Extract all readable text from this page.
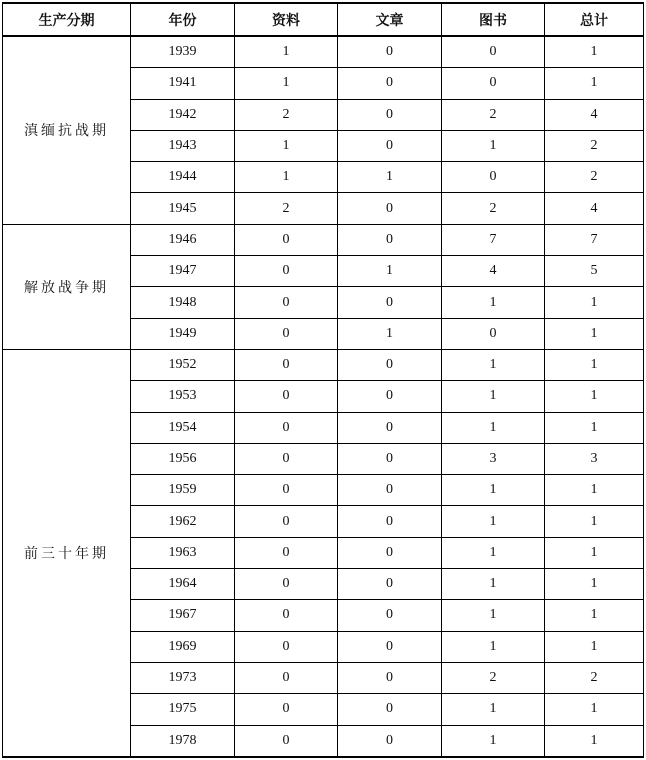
生产分期	年份	资料	文章	图书	总计
滇缅抗战期	1939	1	0	0	1
	1941	1	0	0	1
	1942	2	0	2	4
	1943	1	0	1	2
	1944	1	1	0	2
	1945	2	0	2	4
解放战争期	1946	0	0	7	7
	1947	0	1	4	5
	1948	0	0	1	1
	1949	0	1	0	1
前三十年期	1952	0	0	1	1
	1953	0	0	1	1
	1954	0	0	1	1
	1956	0	0	3	3
	1959	0	0	1	1
	1962	0	0	1	1
	1963	0	0	1	1
	1964	0	0	1	1
	1967	0	0	1	1
	1969	0	0	1	1
	1973	0	0	2	2
	1975	0	0	1	1
	1978	0	0	1	1
